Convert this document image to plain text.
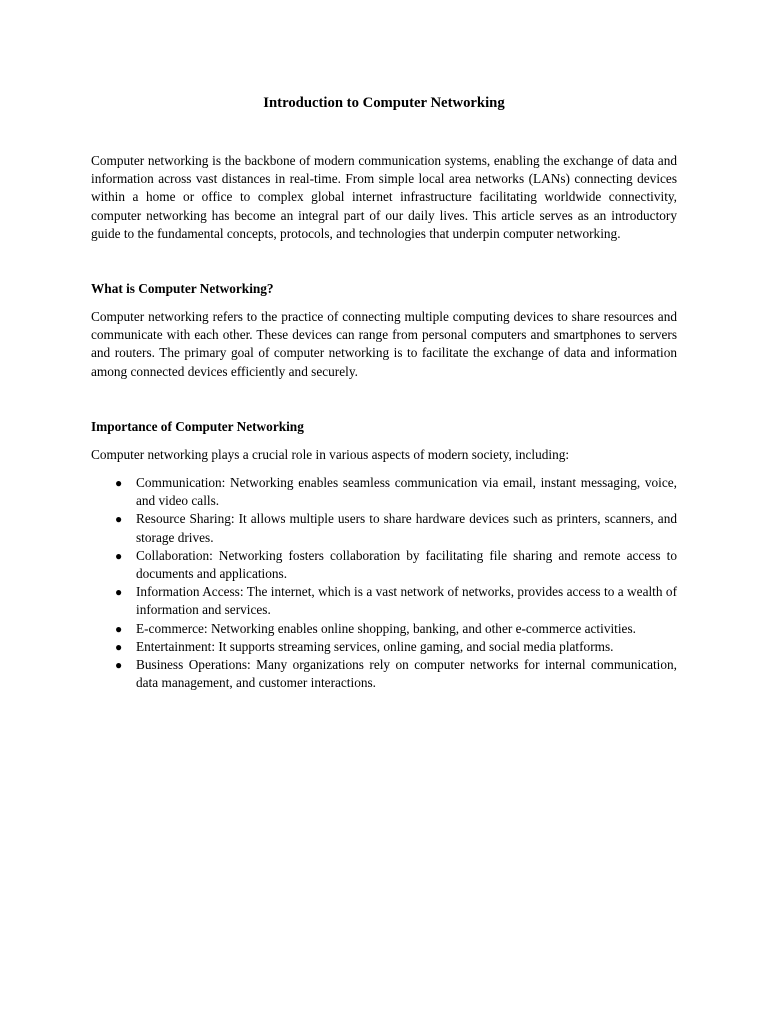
Introduction to Computer Networking

Computer networking is the backbone of modern communication systems, enabling the exchange of data and information across vast distances in real-time. From simple local area networks (LANs) connecting devices within a home or office to complex global internet infrastructure facilitating worldwide connectivity, computer networking has become an integral part of our daily lives. This article serves as an introductory guide to the fundamental concepts, protocols, and technologies that underpin computer networking.

What is Computer Networking?

Computer networking refers to the practice of connecting multiple computing devices to share resources and communicate with each other. These devices can range from personal computers and smartphones to servers and routers. The primary goal of computer networking is to facilitate the exchange of data and information among connected devices efficiently and securely.

Importance of Computer Networking

Computer networking plays a crucial role in various aspects of modern society, including:

● Communication: Networking enables seamless communication via email, instant messaging, voice, and video calls.
● Resource Sharing: It allows multiple users to share hardware devices such as printers, scanners, and storage drives.
● Collaboration: Networking fosters collaboration by facilitating file sharing and remote access to documents and applications.
● Information Access: The internet, which is a vast network of networks, provides access to a wealth of information and services.
● E-commerce: Networking enables online shopping, banking, and other e-commerce activities.
● Entertainment: It supports streaming services, online gaming, and social media platforms.
● Business Operations: Many organizations rely on computer networks for internal communication, data management, and customer interactions.
